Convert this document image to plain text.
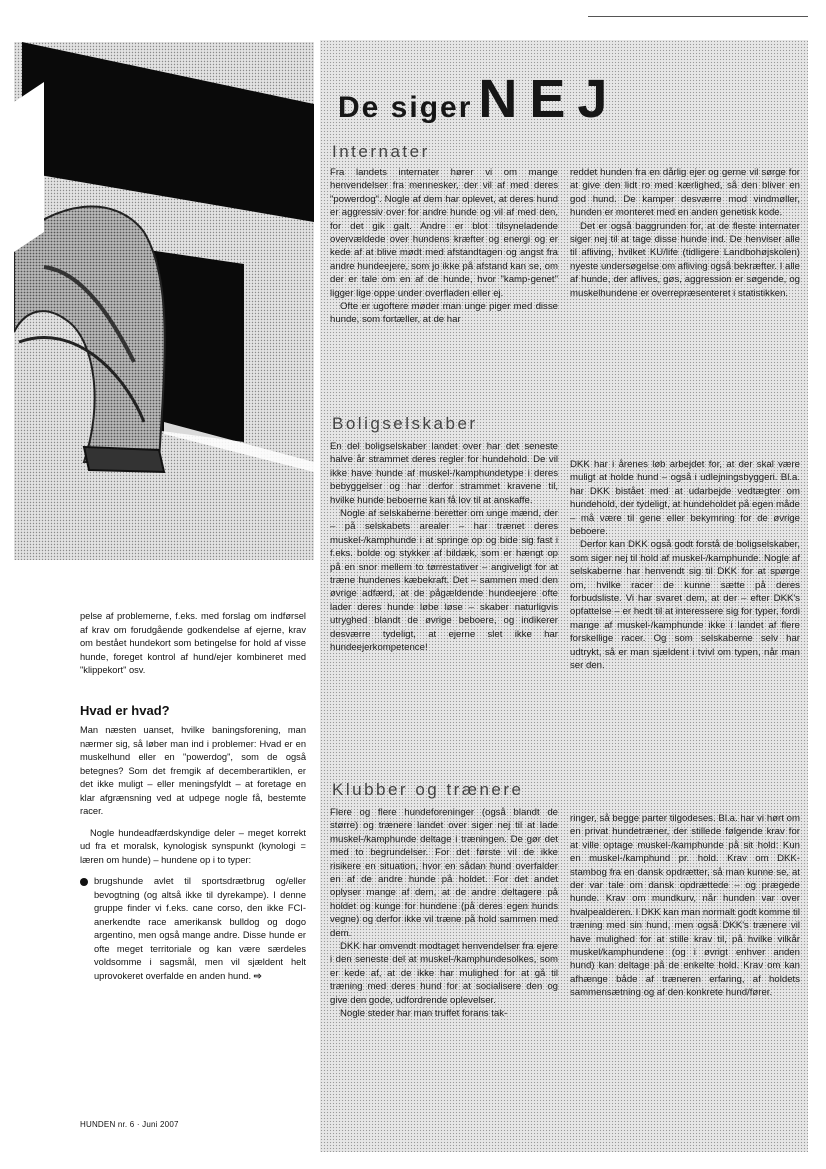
pelse af problemerne, f.eks. med forslag om indførsel af krav om forudgående godkendelse af ejerne, krav om bestået hundekort som betingelse for hold af visse hunde, foreget kontrol af hund/ejer kombineret med "klippekort" osv.

Hvad er hvad?

Man næsten uanset, hvilke baningsforening, man nærmer sig, så løber man ind i problemer: Hvad er en muskelhund eller en "powerdog", som de også betegnes? Som det fremgik af decemberartiklen, er det ikke muligt – eller meningsfyldt – at foretage en klar afgrænsning ved at udpege nogle få, bestemte racer.

Nogle hundeadfærdskyndige deler – meget korrekt ud fra et moralsk, kynologisk synspunkt (kynologi = læren om hunde) – hundene op i to typer:

brugshunde avlet til sportsdrætbrug og/eller bevogtning (og altså ikke til dyrekampe). I denne gruppe finder vi f.eks. cane corso, den ikke FCI-anerkendte race amerikansk bulldog og dogo argentino, men også mange andre. Disse hunde er ofte meget territoriale og kan være særdeles voldsomme i sagsmål, men vil sjældent helt uprovokeret overfalde en anden hund. ⇨
HUNDEN nr. 6 · Juni 2007
De siger NEJ
Internater

Fra landets internater hører vi om mange henvendelser fra mennesker, der vil af med deres "powerdog". Nogle af dem har oplevet, at deres hund er aggressiv over for andre hunde og vil af med den, for det gik galt. Andre er blot tilsyneladende overvældede over hundens kræfter og energi og er kede af at blive mødt med afstandtagen og angst fra andre hundeejere, som jo ikke på afstand kan se, om der er tale om en af de hunde, hvor "kamp-genet" ligger lige oppe under overfladen eller ej.

Ofte er ugoftere møder man unge piger med disse hunde, som fortæller, at de har

reddet hunden fra en dårlig ejer og gerne vil sørge for at give den lidt ro med kærlighed, så den bliver en god hund. De kamper desværre mod vindmøller, hunden er monteret med en anden genetisk kode.

Det er også baggrunden for, at de fleste internater siger nej til at tage disse hunde ind. De henviser alle til afliving, hvilket KU/life (tidligere Landbohøjskolen) nyeste undersøgelse om afliving også bekræfter. I alle af hunde, der aflives, gøs, aggression er søgende, og muskelhundene er overrepræsenteret i statistikken.

Boligselskaber

En del boligselskaber landet over har det seneste halve år strammet deres regler for hundehold. De vil ikke have hunde af muskel-/kamphundetype i deres bebyggelser og har derfor strammet kravene til, hvilke hunde beboerne kan få lov til at anskaffe.

Nogle af selskaberne beretter om unge mænd, der – på selskabets arealer – har trænet deres muskel-/kamphunde i at springe op og bide sig fast i f.eks. bolde og stykker af bildæk, som er hængt op på en snor mellem to tørrestativer – angiveligt for at træne hundenes kæbekraft. Det – sammen med den øvrige adfærd, at de pågældende hundeejere ofte lader deres hunde løbe løse – skaber naturligvis utryghed blandt de øvrige beboere, og indikerer desværre tydeligt, at ejerne slet ikke har hundeejerkompetence!

DKK har i årenes løb arbejdet for, at der skal være muligt at holde hund – også i udlejningsbyggeri. Bl.a. har DKK bistået med at udarbejde vedtægter om hundehold, der tydeligt, at hundeholdet på egen måde – må være til gene eller bekymring for de øvrige beboere.

Derfor kan DKK også godt forstå de boligselskaber, som siger nej til hold af muskel-/kamphunde. Nogle af selskaberne har henvendt sig til DKK for at spørge om, hvilke racer de kunne sætte på deres forbudsliste. Vi har svaret dem, at der – efter DKK's opfattelse – er hedt til at interessere sig for typer, fordi mange af muskel-/kamphunde ikke i landet af flere forskellige racer. Og som selskaberne selv har udtrykt, så er man sjældent i tvivl om typen, når man ser den.

Klubber og trænere

Flere og flere hundeforeninger (også blandt de større) og trænere landet over siger nej til at lade muskel-/kamphunde deltage i træningen. De gør det med to begrundelser. For det første vil de ikke risikere en situation, hvor en sådan hund overfalder en af de andre hunde på holdet. For det andet oplyser mange af dem, at de andre deltagere på holdet og kunge for hundene (på deres egen hunds vegne) og derfor ikke vil træne på hold sammen med dem.

DKK har omvendt modtaget henvendelser fra ejere i den seneste del at muskel-/kamphundesolkes, som er kede af, at de ikke har mulighed for at gå til træning med deres hund for at socialisere den og give den gode, udfordrende oplevelser.

Nogle steder har man truffet forans tak-

ringer, så begge parter tilgodeses. Bl.a. har vi hørt om en privat hundetræner, der stillede følgende krav for at ville optage muskel-/kamphunde på sit hold: Kun en muskel-/kamphund pr. hold. Krav om DKK-stambog fra en dansk opdrætter, så man kunne se, at der var tale om dansk opdrættede – og prægede hunde. Krav om mundkurv, når hunden var over hvalpealderen. I DKK kan man normalt godt komme til træning med sin hund, men også DKK's trænere vil have mulighed for at stille krav til, på hvilke vilkår muskel/kamphundene (og i øvrigt enhver anden hund) kan deltage på de enkelte hold. Krav om kan afhænge både af træneren erfaring, af holdets sammensætning og af den konkrete hund/fører.
